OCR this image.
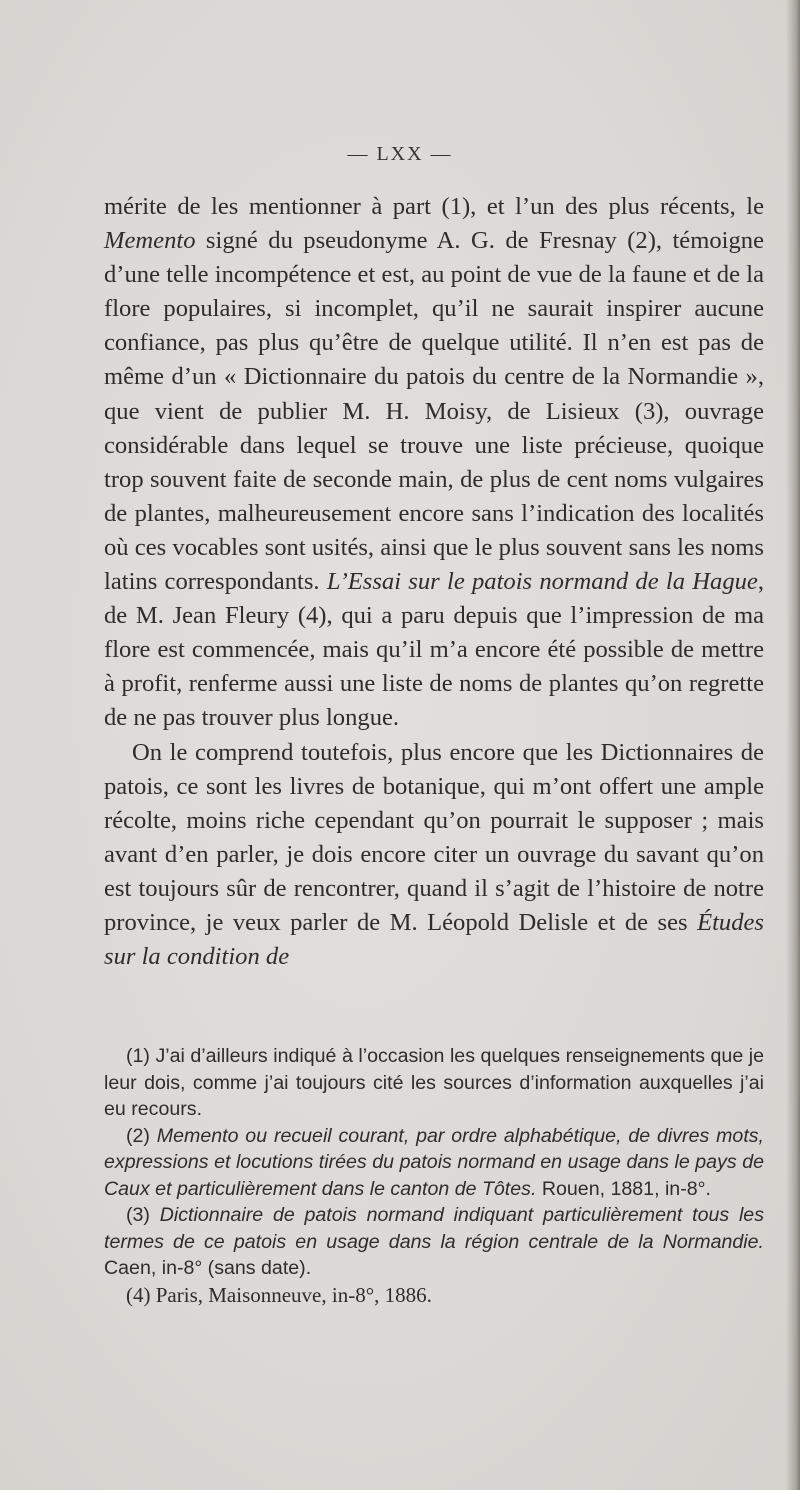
— LXX —

mérite de les mentionner à part (1), et l’un des plus récents, le Memento signé du pseudonyme A. G. de Fresnay (2), témoigne d’une telle incompétence et est, au point de vue de la faune et de la flore populaires, si incomplet, qu’il ne saurait inspirer aucune confiance, pas plus qu’être de quelque utilité. Il n’en est pas de même d’un « Dictionnaire du patois du centre de la Normandie », que vient de publier M. H. Moisy, de Lisieux (3), ouvrage considérable dans lequel se trouve une liste précieuse, quoique trop souvent faite de seconde main, de plus de cent noms vulgaires de plantes, malheureusement encore sans l’indication des localités où ces vocables sont usités, ainsi que le plus souvent sans les noms latins correspondants. L’Essai sur le patois normand de la Hague, de M. Jean Fleury (4), qui a paru depuis que l’impression de ma flore est commencée, mais qu’il m’a encore été possible de mettre à profit, renferme aussi une liste de noms de plantes qu’on regrette de ne pas trouver plus longue.

On le comprend toutefois, plus encore que les Dictionnaires de patois, ce sont les livres de botanique, qui m’ont offert une ample récolte, moins riche cependant qu’on pourrait le supposer ; mais avant d’en parler, je dois encore citer un ouvrage du savant qu’on est toujours sûr de rencontrer, quand il s’agit de l’histoire de notre province, je veux parler de M. Léopold Delisle et de ses Études sur la condition de

(1) J’ai d’ailleurs indiqué à l’occasion les quelques renseignements que je leur dois, comme j’ai toujours cité les sources d’information auxquelles j’ai eu recours.

(2) Memento ou recueil courant, par ordre alphabétique, de divres mots, expressions et locutions tirées du patois normand en usage dans le pays de Caux et particulièrement dans le canton de Tôtes. Rouen, 1881, in-8°.

(3) Dictionnaire de patois normand indiquant particulièrement tous les termes de ce patois en usage dans la région centrale de la Normandie. Caen, in-8° (sans date).

(4) Paris, Maisonneuve, in-8°, 1886.
